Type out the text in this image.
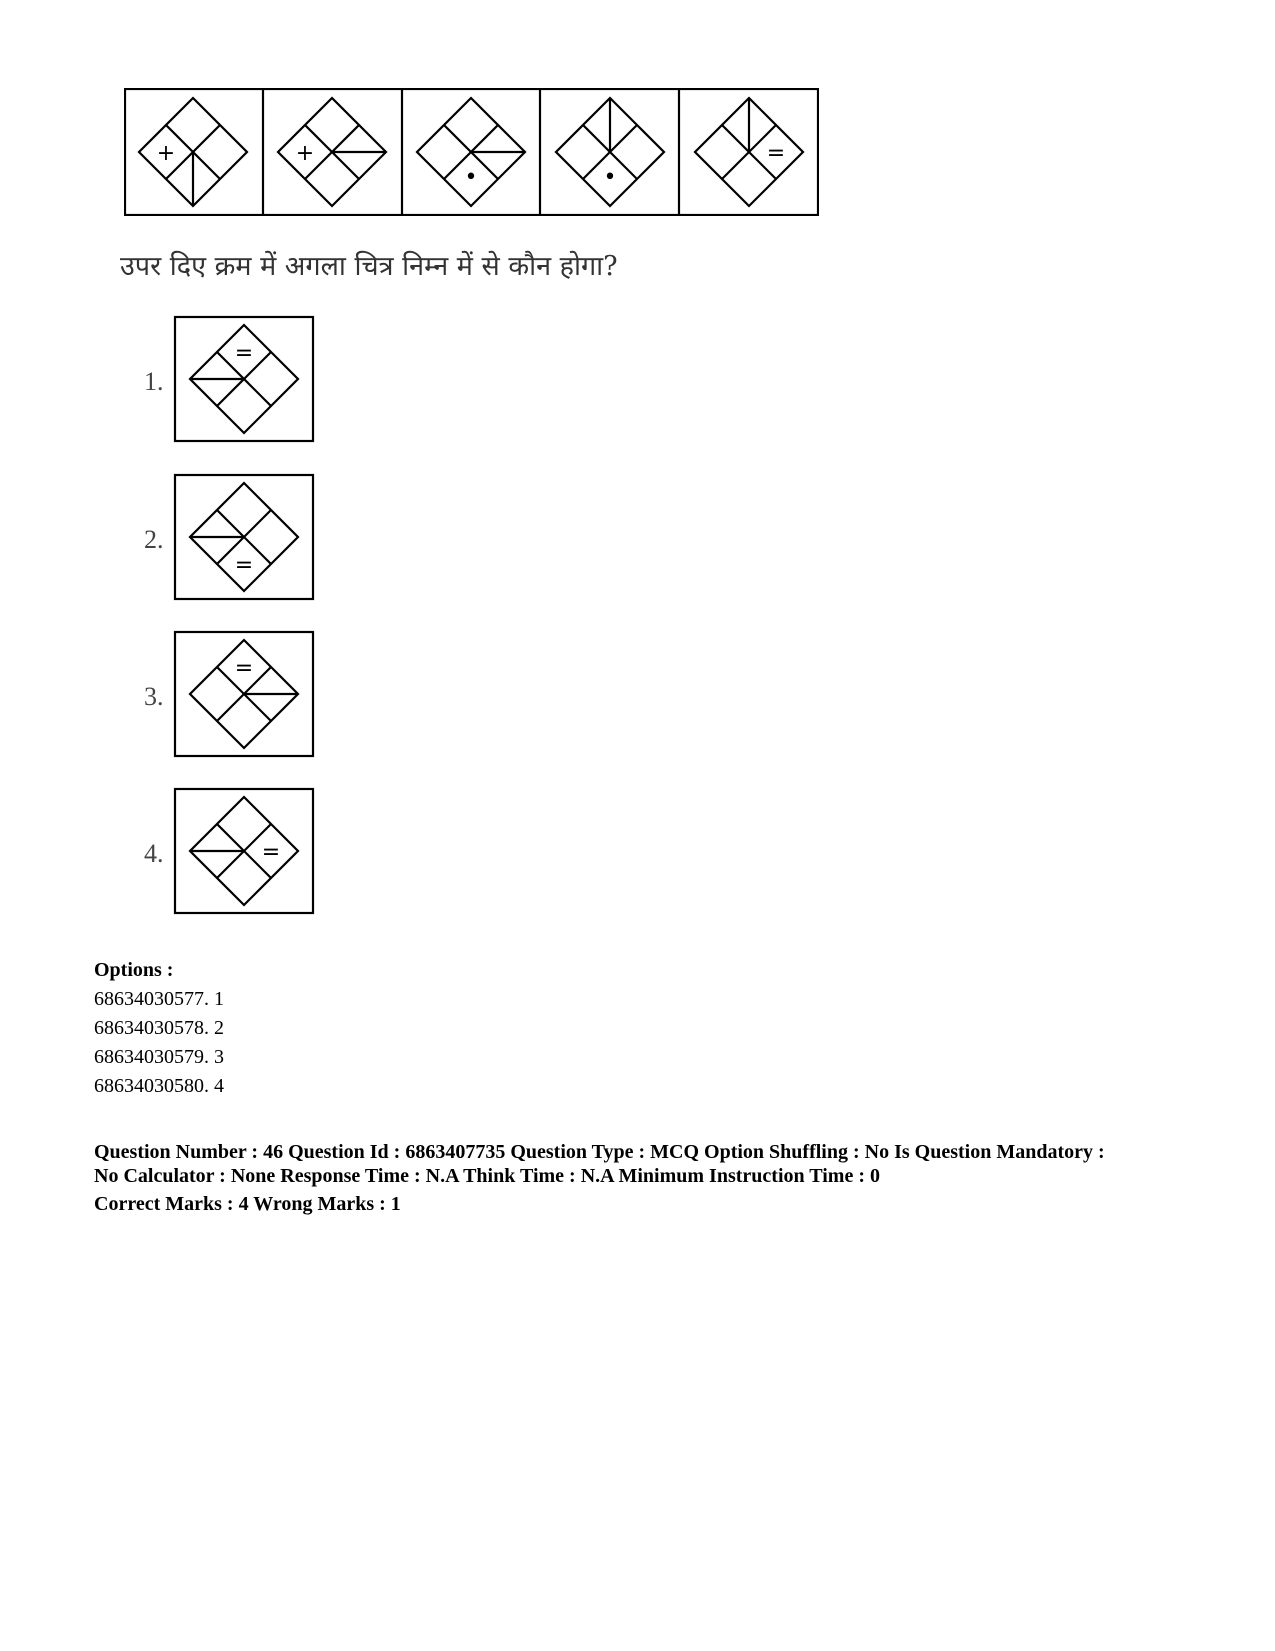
+	+
•	•
=
उपर दिए क्रम में अगला चित्र निम्न में से कौन होगा?
1.
=
2.
=
3.
=
4.	=
Options :
68634030577. 1
68634030578. 2
68634030579. 3
68634030580. 4
Question Number : 46 Question Id : 6863407735 Question Type : MCQ Option Shuffling : No Is Question Mandatory :
No Calculator : None Response Time : N.A Think Time : N.A Minimum Instruction Time : 0
Correct Marks : 4 Wrong Marks : 1
